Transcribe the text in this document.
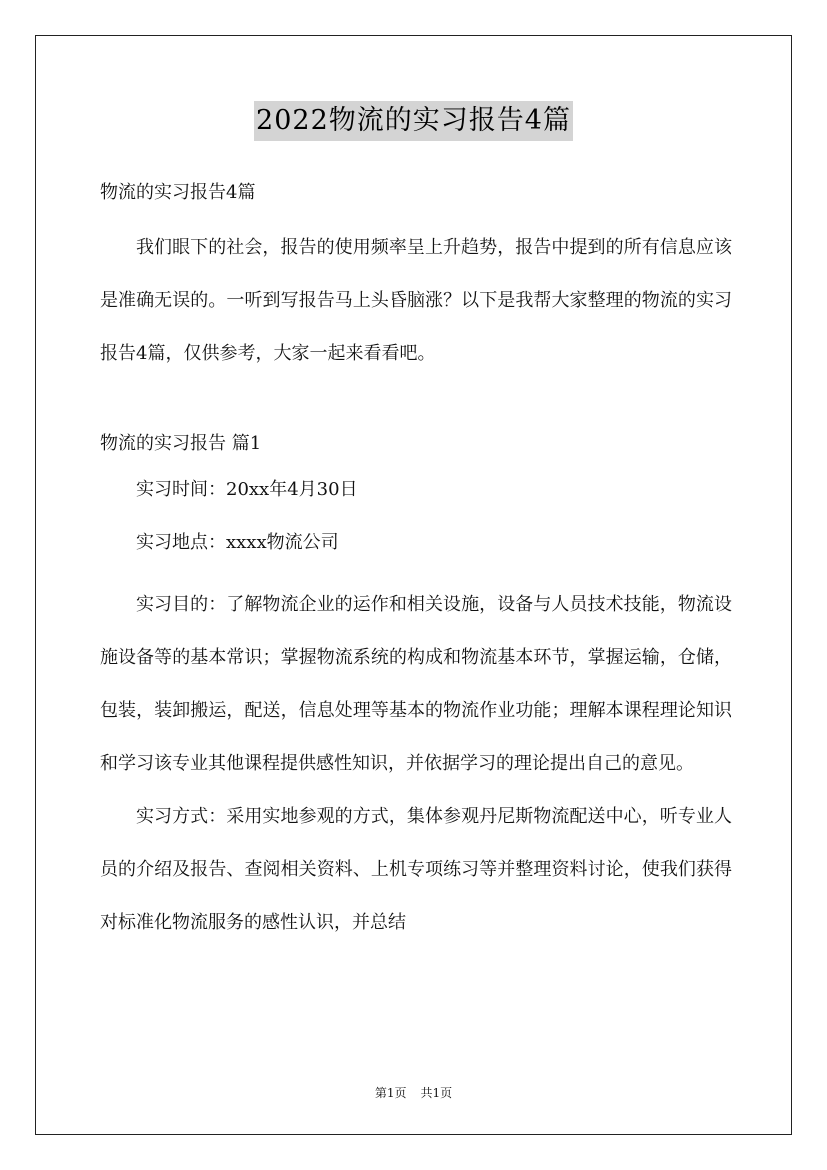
2022物流的实习报告4篇

物流的实习报告4篇

我们眼下的社会，报告的使用频率呈上升趋势，报告中提到的所有信息应该是准确无误的。一听到写报告马上头昏脑涨？以下是我帮大家整理的物流的实习报告4篇，仅供参考，大家一起来看看吧。

物流的实习报告 篇1

实习时间：20xx年4月30日

实习地点：xxxx物流公司

实习目的：了解物流企业的运作和相关设施，设备与人员技术技能，物流设施设备等的基本常识；掌握物流系统的构成和物流基本环节，掌握运输，仓储，包装，装卸搬运，配送，信息处理等基本的物流作业功能；理解本课程理论知识和学习该专业其他课程提供感性知识，并依据学习的理论提出自己的意见。

实习方式：采用实地参观的方式，集体参观丹尼斯物流配送中心，听专业人员的介绍及报告、查阅相关资料、上机专项练习等并整理资料讨论，使我们获得对标准化物流服务的感性认识，并总结

第1页 共1页
